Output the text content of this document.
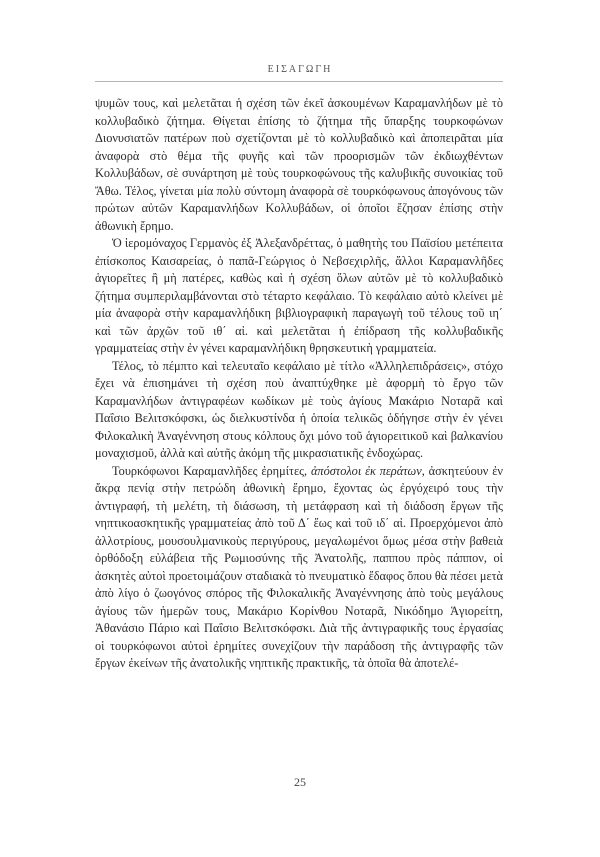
ΕΙΣΑΓΩΓΗ

ψυμῶν τους, καὶ μελετᾶται ἡ σχέση τῶν ἐκεῖ ἀσκουμένων Καραμανλήδων μὲ τὸ κολλυβαδικὸ ζήτημα. Θίγεται ἐπίσης τὸ ζήτημα τῆς ὕπαρξης τουρκοφώνων Διονυσιατῶν πατέρων ποὺ σχετίζονται μὲ τὸ κολλυβαδικὸ καὶ ἀποπειρᾶται μία ἀναφορὰ στὸ θέμα τῆς φυγῆς καὶ τῶν προορισμῶν τῶν ἐκδιωχθέντων Κολλυβάδων, σὲ συνάρτηση μὲ τοὺς τουρκοφώνους τῆς καλυβικῆς συνοικίας τοῦ Ἄθω. Τέλος, γίνεται μία πολὺ σύντομη ἀναφορὰ σὲ τουρκόφωνους ἀπογόνους τῶν πρώτων αὐτῶν Καραμανλήδων Κολλυβάδων, οἱ ὁποῖοι ἔζησαν ἐπίσης στὴν ἀθωνικὴ ἔρημο.

Ὁ ἱερομόναχος Γερμανὸς ἐξ Ἀλεξανδρέττας, ὁ μαθητὴς του Παϊσίου μετέπειτα ἐπίσκοπος Καισαρείας, ὁ παπᾶ-Γεώργιος ὁ Νεβσεχιρλῆς, ἄλλοι Καραμανλῆδες ἁγιορεῖτες ἢ μὴ πατέρες, καθὼς καὶ ἡ σχέση ὅλων αὐτῶν μὲ τὸ κολλυβαδικὸ ζήτημα συμπεριλαμβάνονται στὸ τέταρτο κεφάλαιο. Τὸ κεφάλαιο αὐτὸ κλείνει μὲ μία ἀναφορὰ στὴν καραμανλήδικη βιβλιογραφικὴ παραγωγὴ τοῦ τέλους τοῦ ιη΄ καὶ τῶν ἀρχῶν τοῦ ιθ΄ αἰ. καὶ μελετᾶται ἡ ἐπίδραση τῆς κολλυβαδικῆς γραμματείας στὴν ἐν γένει καραμανλήδικη θρησκευτικὴ γραμματεία.

Τέλος, τὸ πέμπτο καὶ τελευταῖο κεφάλαιο μὲ τίτλο «Ἀλληλεπιδράσεις», στόχο ἔχει νὰ ἐπισημάνει τὴ σχέση ποὺ ἀναπτύχθηκε μὲ ἀφορμὴ τὸ ἔργο τῶν Καραμανλήδων ἀντιγραφέων κωδίκων μὲ τοὺς ἁγίους Μακάριο Νοταρᾶ καὶ Παΐσιο Βελιτσκόφσκι, ὡς διελκυστίνδα ἡ ὁποία τελικῶς ὁδήγησε στὴν ἐν γένει Φιλοκαλικὴ Ἀναγέννηση στους κόλπους ὄχι μόνο τοῦ ἁγιορειτικοῦ καὶ βαλκανίου μοναχισμοῦ, ἀλλὰ καὶ αὐτῆς ἀκόμη τῆς μικρασιατικῆς ἐνδοχώρας.

Τουρκόφωνοι Καραμανλῆδες ἐρημίτες, ἀπόστολοι ἐκ περάτων, ἀσκητεύουν ἐν ἄκρᾳ πενίᾳ στὴν πετρώδη ἀθωνικὴ ἔρημο, ἔχοντας ὡς ἐργόχειρό τους τὴν ἀντιγραφή, τὴ μελέτη, τὴ διάσωση, τὴ μετάφραση καὶ τὴ διάδοση ἔργων τῆς νηπτικοασκητικῆς γραμματείας ἀπὸ τοῦ Δ΄ ἕως καὶ τοῦ ιδ΄ αἰ. Προερχόμενοι ἀπὸ ἀλλοτρίους, μουσουλμανικοὺς περιγύρους, μεγαλωμένοι ὅμως μέσα στὴν βαθειὰ ὀρθόδοξη εὐλάβεια τῆς Ρωμιοσύνης τῆς Ἀνατολῆς, παππου πρὸς πάππον, οἱ ἀσκητὲς αὐτοὶ προετοιμάζουν σταδιακὰ τὸ πνευματικὸ ἔδαφος ὅπου θὰ πέσει μετὰ ἀπὸ λίγο ὁ ζωογόνος σπόρος τῆς Φιλοκαλικῆς Ἀναγέννησης ἀπὸ τοὺς μεγάλους ἁγίους τῶν ἡμερῶν τους, Μακάριο Κορίνθου Νοταρᾶ, Νικόδημο Ἁγιορείτη, Ἀθανάσιο Πάριο καὶ Παΐσιο Βελιτσκόφσκι. Διὰ τῆς ἀντιγραφικῆς τους ἐργασίας οἱ τουρκόφωνοι αὐτοὶ ἐρημίτες συνεχίζουν τὴν παράδοση τῆς ἀντιγραφῆς τῶν ἔργων ἐκείνων τῆς ἀνατολικῆς νηπτικῆς πρακτικῆς, τὰ ὁποῖα θὰ ἀποτελέ-

25
